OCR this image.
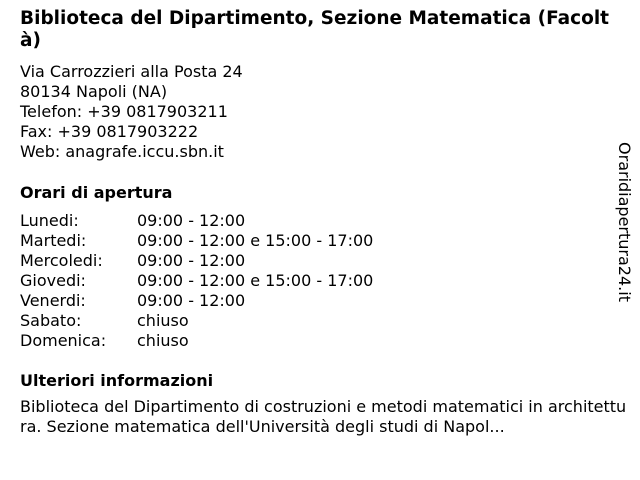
Biblioteca del Dipartimento, Sezione Matematica (Facoltà)
Via Carrozzieri alla Posta 24
80134 Napoli (NA)
Telefon: +39 0817903211
Fax: +39 0817903222
Web: anagrafe.iccu.sbn.it
Orari di apertura
Lunedi:	09:00 - 12:00
Martedi:	09:00 - 12:00 e 15:00 - 17:00
Mercoledi:	09:00 - 12:00
Giovedi:	09:00 - 12:00 e 15:00 - 17:00
Venerdi:	09:00 - 12:00
Sabato:	chiuso
Domenica:	chiuso
Ulteriori informazioni
Biblioteca del Dipartimento di costruzioni e metodi matematici in architettura. Sezione matematica dell'Università degli studi di Napol...
Oraridiapertura24.it
